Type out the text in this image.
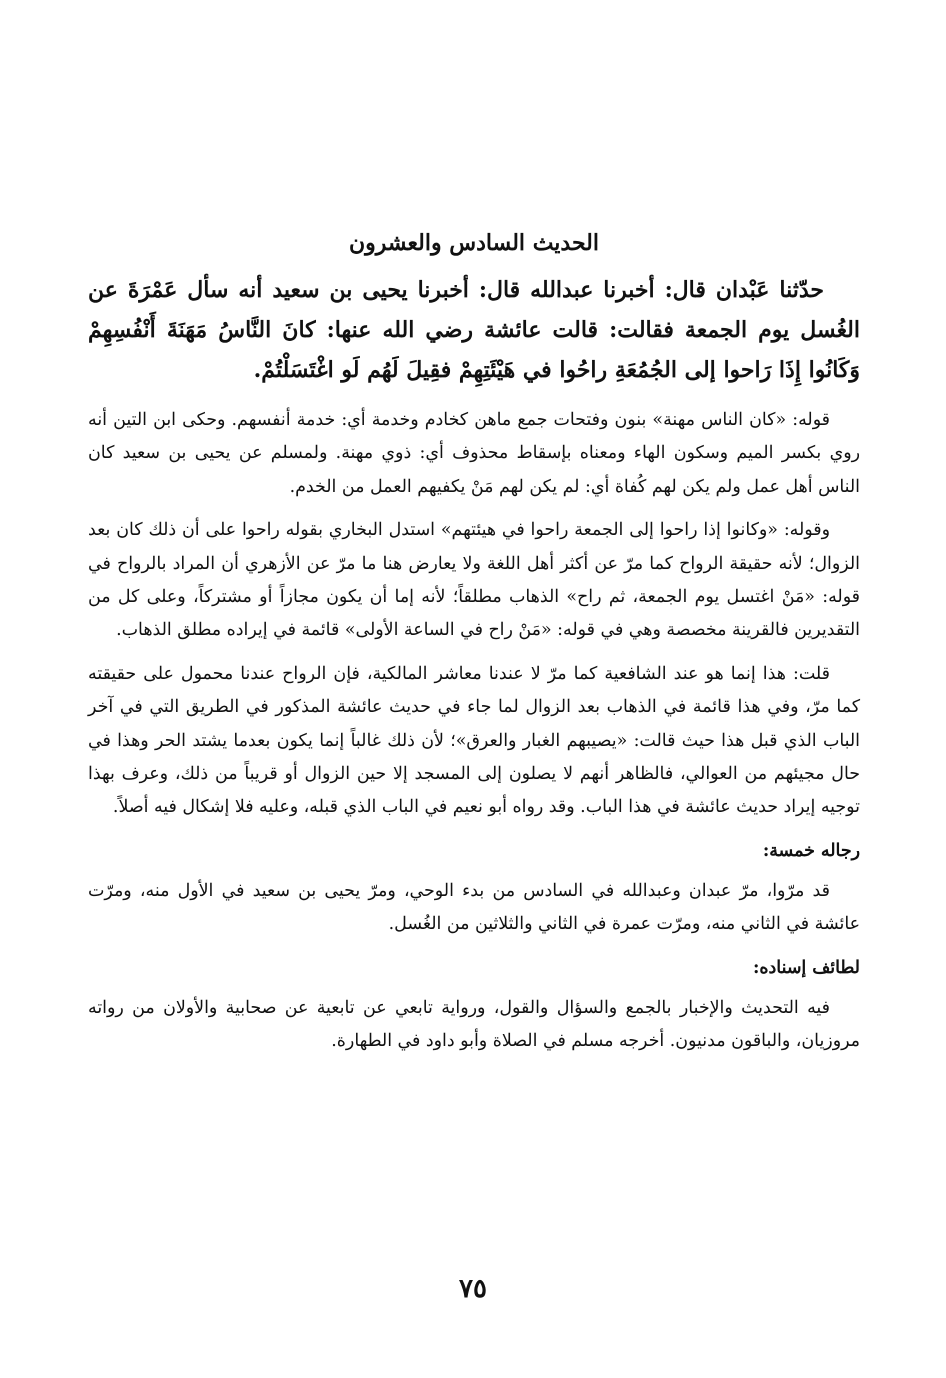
الحديث السادس والعشرون

حدّثنا عَبْدان قال: أخبرنا عبدالله قال: أخبرنا يحيى بن سعيد أنه سأل عَمْرَةَ عن الغُسل يوم الجمعة فقالت: قالت عائشة رضي الله عنها: كانَ النَّاسُ مَهَنَةَ أَنْفُسِهِمْ وَكَانُوا إِذَا رَاحوا إلى الجُمُعَةِ راحُوا في هَيْئَتِهِمْ فقِيلَ لَهُم لَو اغْتَسَلْتُمْ.

قوله: «كان الناس مهنة» بنون وفتحات جمع ماهن كخادم وخدمة أي: خدمة أنفسهم. وحكى ابن التين أنه روي بكسر الميم وسكون الهاء ومعناه بإسقاط محذوف أي: ذوي مهنة. ولمسلم عن يحيى بن سعيد كان الناس أهل عمل ولم يكن لهم كُفاة أي: لم يكن لهم مَنْ يكفيهم العمل من الخدم.

وقوله: «وكانوا إذا راحوا إلى الجمعة راحوا في هيئتهم» استدل البخاري بقوله راحوا على أن ذلك كان بعد الزوال؛ لأنه حقيقة الرواح كما مرّ عن أكثر أهل اللغة ولا يعارض هنا ما مرّ عن الأزهري أن المراد بالرواح في قوله: «مَنْ اغتسل يوم الجمعة، ثم راح» الذهاب مطلقاً؛ لأنه إما أن يكون مجازاً أو مشتركاً، وعلى كل من التقديرين فالقرينة مخصصة وهي في قوله: «مَنْ راح في الساعة الأولى» قائمة في إيراده مطلق الذهاب.

قلت: هذا إنما هو عند الشافعية كما مرّ لا عندنا معاشر المالكية، فإن الرواح عندنا محمول على حقيقته كما مرّ، وفي هذا قائمة في الذهاب بعد الزوال لما جاء في حديث عائشة المذكور في الطريق التي في آخر الباب الذي قبل هذا حيث قالت: «يصيبهم الغبار والعرق»؛ لأن ذلك غالباً إنما يكون بعدما يشتد الحر وهذا في حال مجيئهم من العوالي، فالظاهر أنهم لا يصلون إلى المسجد إلا حين الزوال أو قريباً من ذلك، وعرف بهذا توجيه إيراد حديث عائشة في هذا الباب. وقد رواه أبو نعيم في الباب الذي قبله، وعليه فلا إشكال فيه أصلاً.

رجاله خمسة:

قد مرّوا، مرّ عبدان وعبدالله في السادس من بدء الوحي، ومرّ يحيى بن سعيد في الأول منه، ومرّت عائشة في الثاني منه، ومرّت عمرة في الثاني والثلاثين من الغُسل.

لطائف إسناده:

فيه التحديث والإخبار بالجمع والسؤال والقول، ورواية تابعي عن تابعية عن صحابية والأولان من رواته مروزيان، والباقون مدنيون. أخرجه مسلم في الصلاة وأبو داود في الطهارة.

٧٥
